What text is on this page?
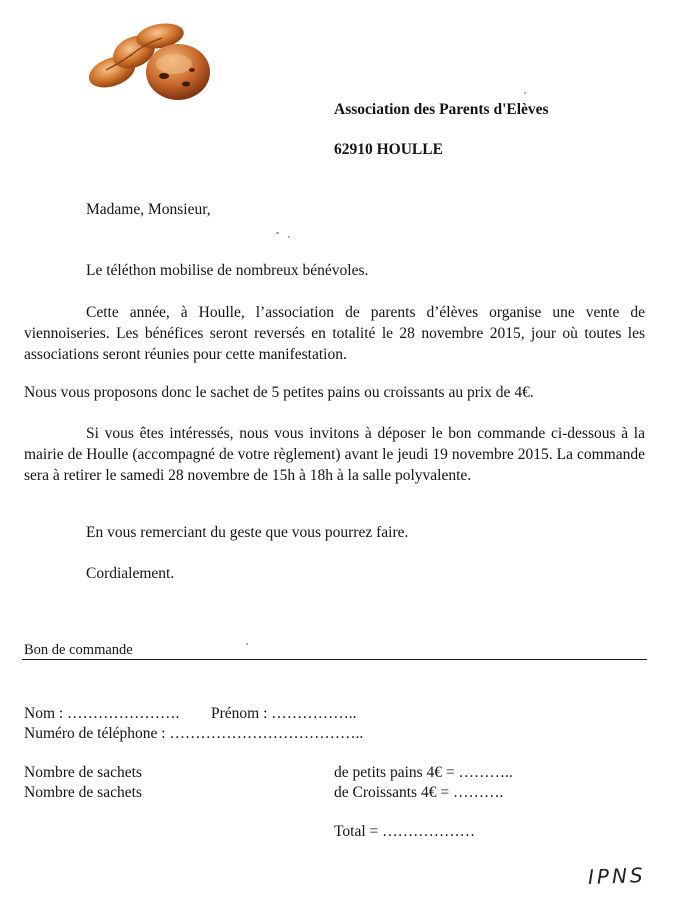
Association des Parents d'Elèves
62910 HOULLE
Madame, Monsieur,
Le téléthon mobilise de nombreux bénévoles.

Cette année, à Houlle, l’association de parents d’élèves organise une vente de viennoiseries. Les bénéfices seront reversés en totalité le 28 novembre 2015, jour où toutes les associations seront réunies pour cette manifestation.

Nous vous proposons donc le sachet de 5 petites pains ou croissants au prix de 4€.

Si vous êtes intéressés, nous vous invitons à déposer le bon commande ci-dessous à la mairie de Houlle (accompagné de votre règlement) avant le jeudi 19 novembre 2015. La commande sera à retirer le samedi 28 novembre de 15h à 18h à la salle polyvalente.

En vous remerciant du geste que vous pourrez faire.
Cordialement.
Bon de commande
Nom : …………………. Prénom : ……………..
Numéro de téléphone : ………………………………..
Nombre de sachets
Nombre de sachets
de petits pains 4€ = ………..
de Croissants 4€ = ……….
Total = ………………
IPNS
